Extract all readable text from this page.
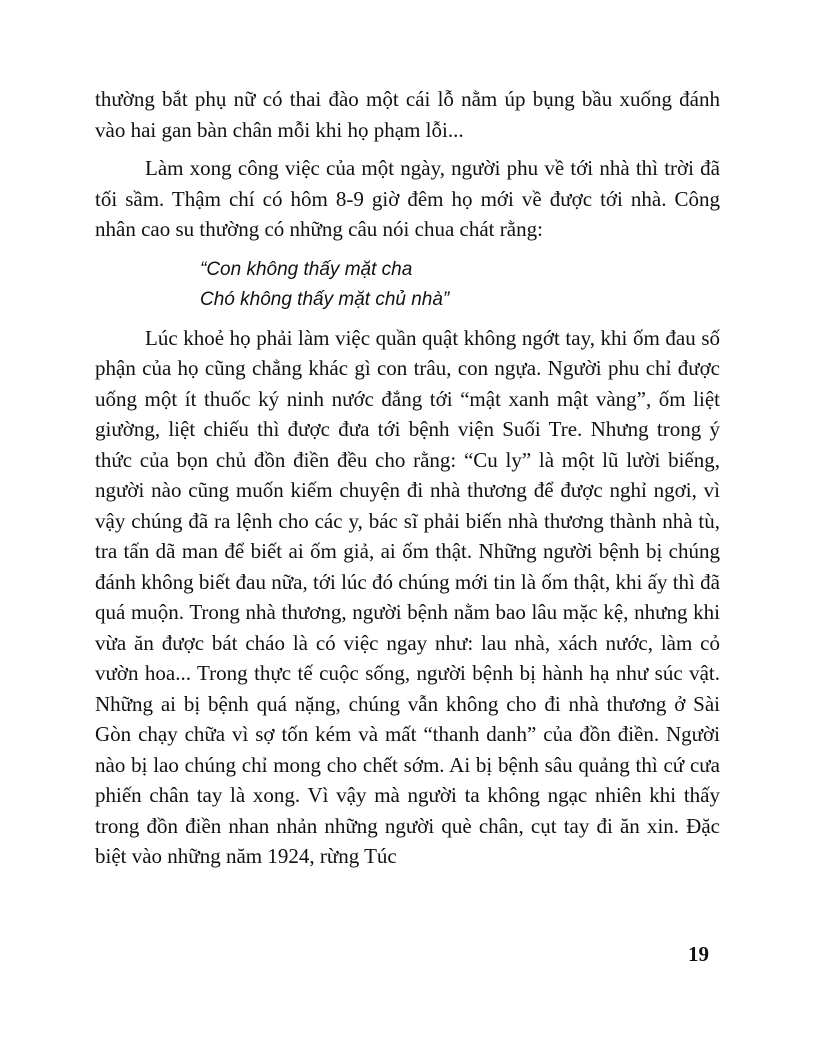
thường bắt phụ nữ có thai đào một cái lỗ nằm úp bụng bầu xuống đánh vào hai gan bàn chân mỗi khi họ phạm lỗi...

Làm xong công việc của một ngày, người phu về tới nhà thì trời đã tối sầm. Thậm chí có hôm 8-9 giờ đêm họ mới về được tới nhà. Công nhân cao su thường có những câu nói chua chát rằng:

“Con không thấy mặt cha
Chó không thấy mặt chủ nhà”

Lúc khoẻ họ phải làm việc quần quật không ngớt tay, khi ốm đau số phận của họ cũng chẳng khác gì con trâu, con ngựa. Người phu chỉ được uống một ít thuốc ký ninh nước đắng tới “mật xanh mật vàng”, ốm liệt giường, liệt chiếu thì được đưa tới bệnh viện Suối Tre. Nhưng trong ý thức của bọn chủ đồn điền đều cho rằng: “Cu ly” là một lũ lười biếng, người nào cũng muốn kiếm chuyện đi nhà thương để được nghỉ ngơi, vì vậy chúng đã ra lệnh cho các y, bác sĩ phải biến nhà thương thành nhà tù, tra tấn dã man để biết ai ốm giả, ai ốm thật. Những người bệnh bị chúng đánh không biết đau nữa, tới lúc đó chúng mới tin là ốm thật, khi ấy thì đã quá muộn. Trong nhà thương, người bệnh nằm bao lâu mặc kệ, nhưng khi vừa ăn được bát cháo là có việc ngay như: lau nhà, xách nước, làm cỏ vườn hoa... Trong thực tế cuộc sống, người bệnh bị hành hạ như súc vật. Những ai bị bệnh quá nặng, chúng vẫn không cho đi nhà thương ở Sài Gòn chạy chữa vì sợ tốn kém và mất “thanh danh” của đồn điền. Người nào bị lao chúng chỉ mong cho chết sớm. Ai bị bệnh sâu quảng thì cứ cưa phiến chân tay là xong. Vì vậy mà người ta không ngạc nhiên khi thấy trong đồn điền nhan nhản những người què chân, cụt tay đi ăn xin. Đặc biệt vào những năm 1924, rừng Túc

19
